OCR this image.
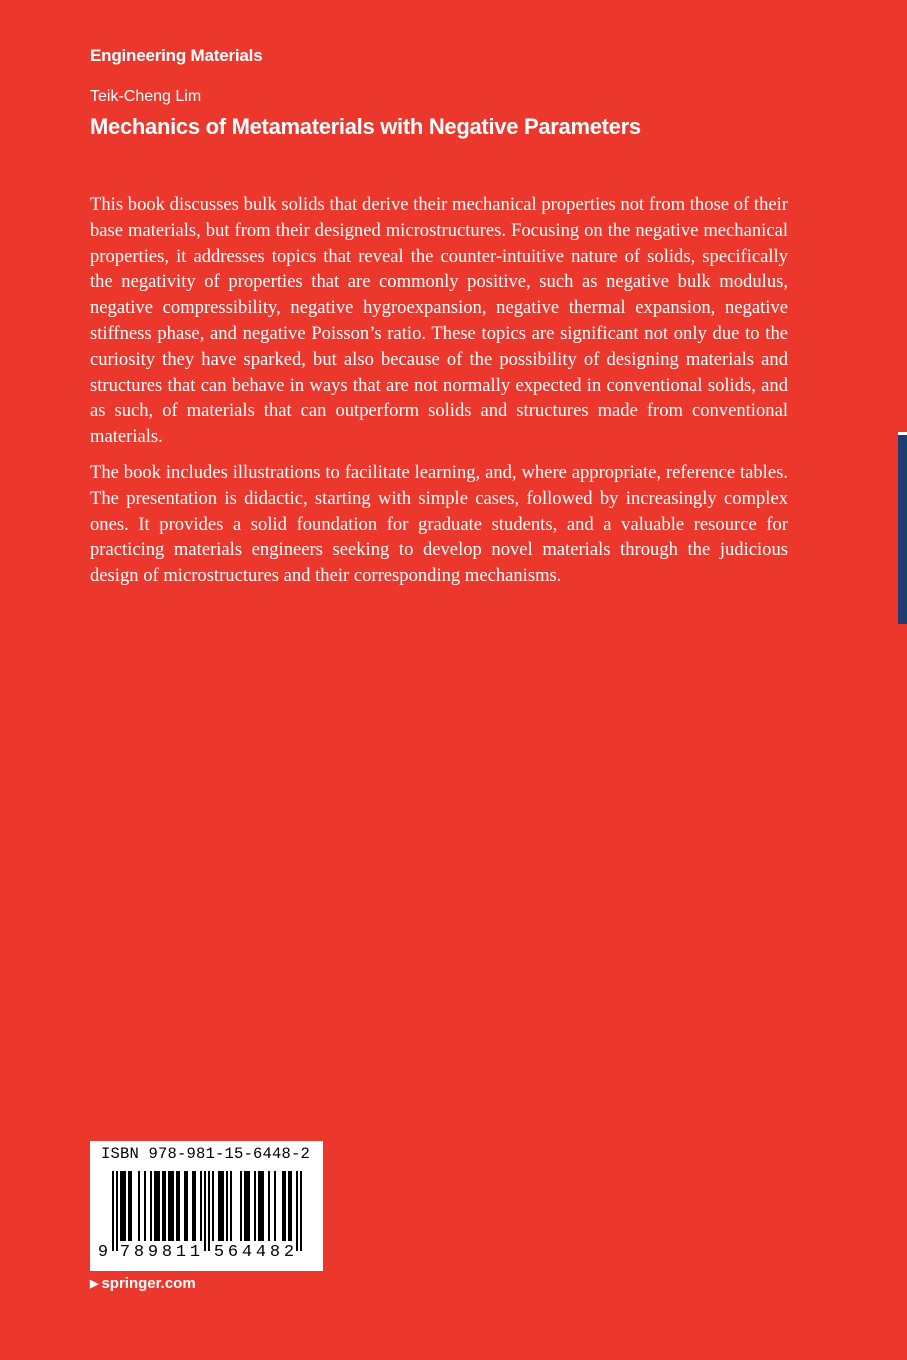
Engineering Materials
Teik-Cheng Lim
Mechanics of Metamaterials with Negative Parameters

This book discusses bulk solids that derive their mechanical properties not from those of their base materials, but from their designed microstructures. Focusing on the negative mechanical properties, it addresses topics that reveal the counter-intuitive nature of solids, specifically the negativity of properties that are commonly positive, such as negative bulk modulus, negative compressibility, negative hygroexpansion, negative thermal expansion, negative stiffness phase, and negative Poisson’s ratio. These topics are significant not only due to the curiosity they have sparked, but also because of the possibility of designing materials and structures that can behave in ways that are not normally expected in conventional solids, and as such, of materials that can outperform solids and structures made from conventional materials.

The book includes illustrations to facilitate learning, and, where appropriate, reference tables. The presentation is didactic, starting with simple cases, followed by increasingly complex ones. It provides a solid foundation for graduate students, and a valuable resource for practicing materials engineers seeking to develop novel materials through the judicious design of microstructures and their corresponding mechanisms.

ISBN 978-981-15-6448-2
9 7 8 9 8 1 1 5 6 4 4 8 2
▶ springer.com
